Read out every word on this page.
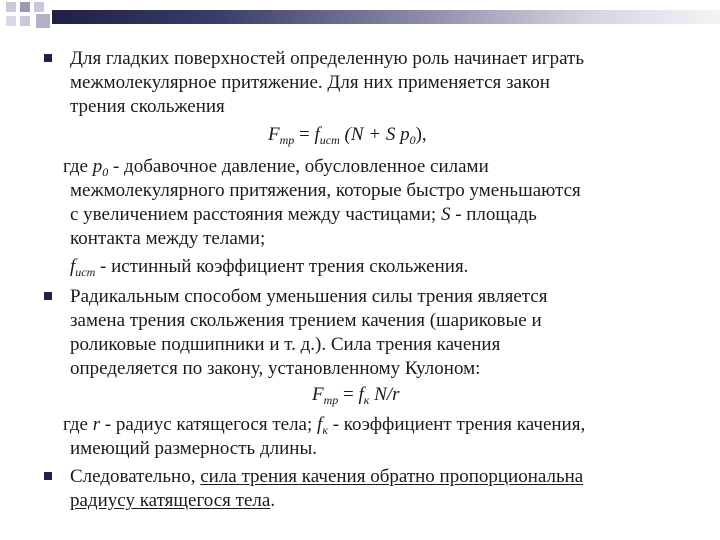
Для гладких поверхностей определенную роль начинает играть
межмолекулярное притяжение. Для них применяется закон
трения скольжения
$F_{тр} = f_{ист}$ (N + S $p_0$),
где $p_0$ - добавочное давление, обусловленное силами
межмолекулярного притяжения, которые быстро уменьшаются
с увеличением расстояния между частицами; S - площадь
контакта между телами;
$f_{ист}$ - истинный коэффициент трения скольжения.
Радикальным способом уменьшения силы трения является
замена трения скольжения трением качения (шариковые и
роликовые подшипники и т. д.). Сила трения качения
определяется по закону, установленному Кулоном:
$F_{тр} = f_к$ N/r
где r - радиус катящегося тела; $f_к$ - коэффициент трения качения,
имеющий размерность длины.
Следовательно, сила трения качения обратно пропорциональна
радиусу катящегося тела.
